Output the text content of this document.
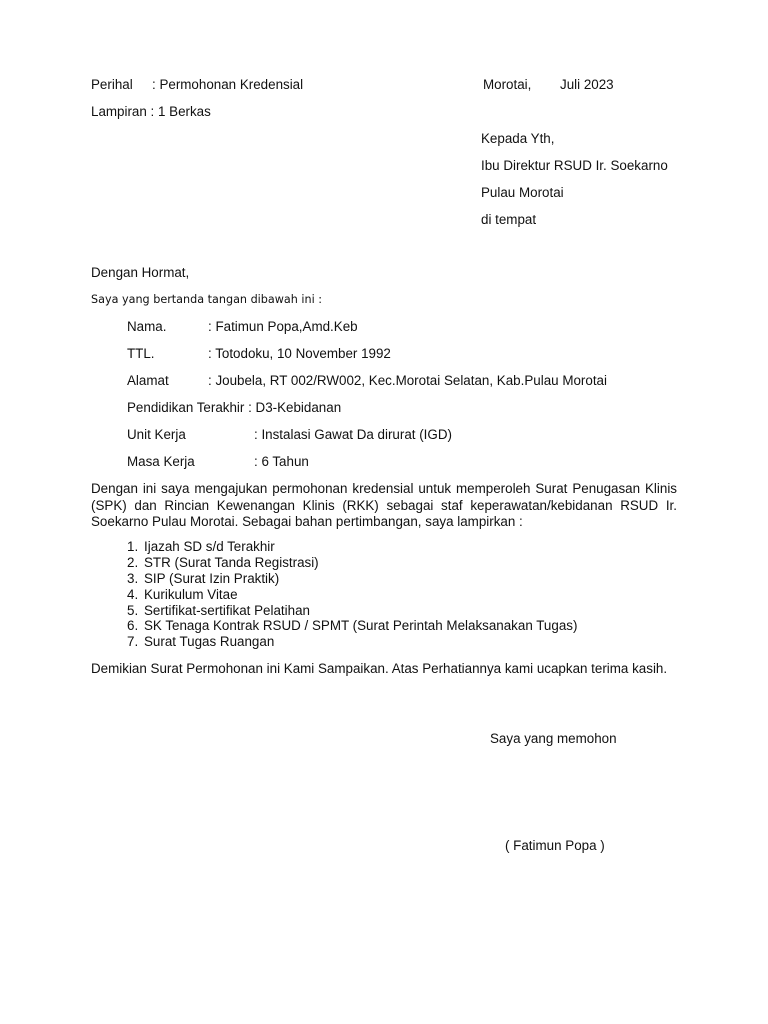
Perihal : Permohonan Kredensial	Morotai, Juli 2023
Lampiran : 1 Berkas
Kepada Yth,
Ibu Direktur RSUD Ir. Soekarno
Pulau Morotai
di tempat
Dengan Hormat,
Saya yang bertanda tangan dibawah ini :
Nama.	: Fatimun Popa,Amd.Keb
TTL.	: Totodoku, 10 November 1992
Alamat	: Joubela, RT 002/RW002, Kec.Morotai Selatan, Kab.Pulau Morotai
Pendidikan Terakhir : D3-Kebidanan
Unit Kerja	: Instalasi Gawat Da dirurat (IGD)
Masa Kerja	: 6 Tahun

Dengan ini saya mengajukan permohonan kredensial untuk memperoleh Surat Penugasan Klinis (SPK) dan Rincian Kewenangan Klinis (RKK) sebagai staf keperawatan/kebidanan RSUD Ir. Soekarno Pulau Morotai. Sebagai bahan pertimbangan, saya lampirkan :

1. Ijazah SD s/d Terakhir
2. STR (Surat Tanda Registrasi)
3. SIP (Surat Izin Praktik)
4. Kurikulum Vitae
5. Sertifikat-sertifikat Pelatihan
6. SK Tenaga Kontrak RSUD / SPMT (Surat Perintah Melaksanakan Tugas)
7. Surat Tugas Ruangan

Demikian Surat Permohonan ini Kami Sampaikan. Atas Perhatiannya kami ucapkan terima kasih.

Saya yang memohon
( Fatimun Popa )
